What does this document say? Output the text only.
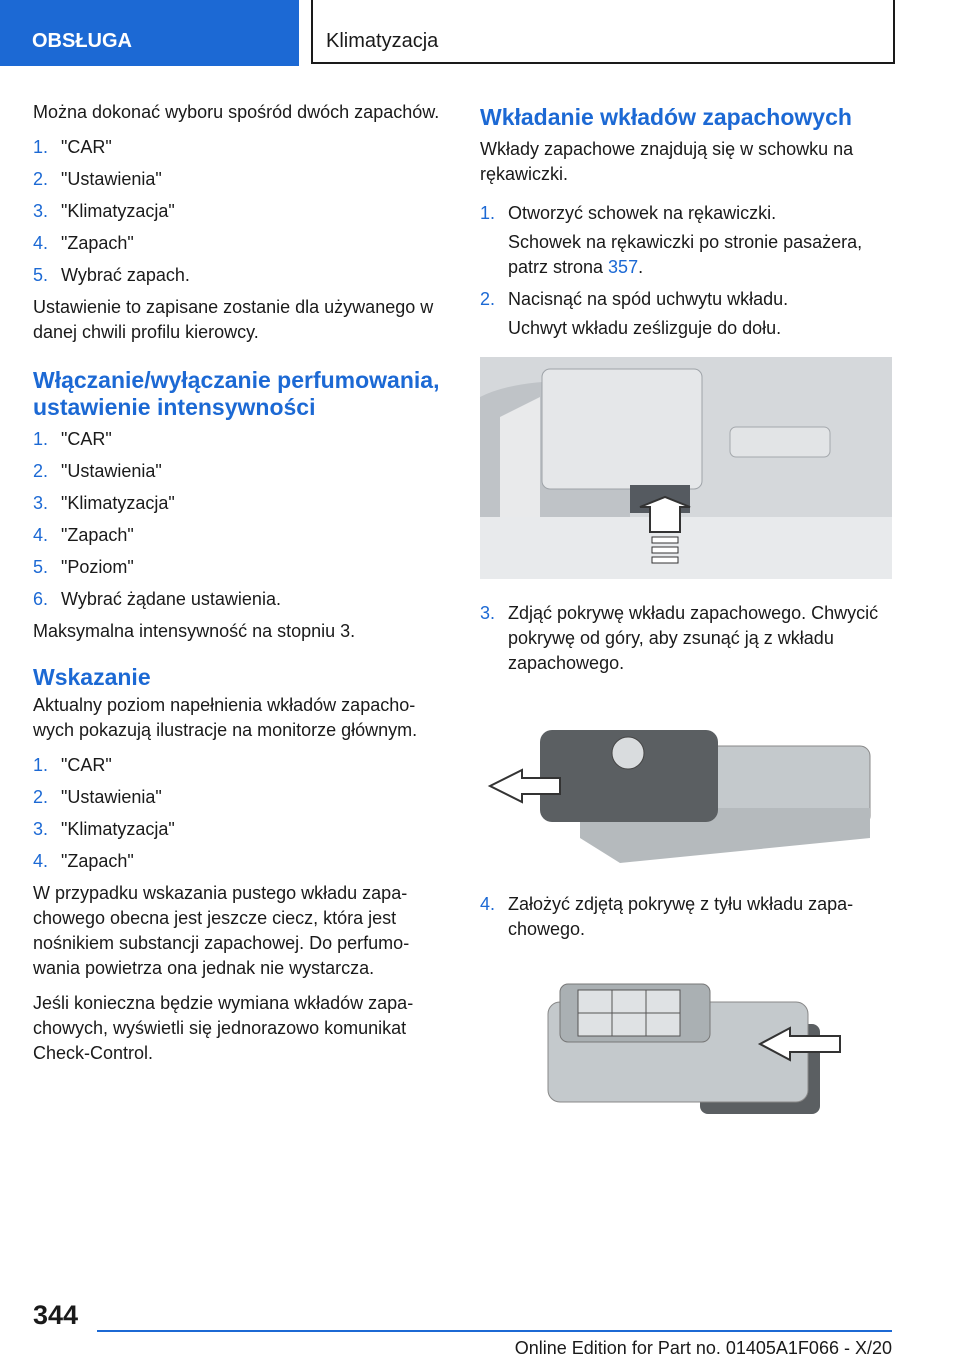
OBSŁUGA	Klimatyzacja

Można dokonać wyboru spośród dwóch zapachów.

1. "CAR"
2. "Ustawienia"
3. "Klimatyzacja"
4. "Zapach"
5. Wybrać zapach.

Ustawienie to zapisane zostanie dla używanego w danej chwili profilu kierowcy.

Włączanie/wyłączanie perfumowania, ustawienie intensywności
1. "CAR"
2. "Ustawienia"
3. "Klimatyzacja"
4. "Zapach"
5. "Poziom"
6. Wybrać żądane ustawienia.

Maksymalna intensywność na stopniu 3.

Wskazanie

Aktualny poziom napełnienia wkładów zapachowych pokazują ilustracje na monitorze głównym.

1. "CAR"
2. "Ustawienia"
3. "Klimatyzacja"
4. "Zapach"

W przypadku wskazania pustego wkładu zapachowego obecna jest jeszcze ciecz, która jest nośnikiem substancji zapachowej. Do perfumowania powietrza ona jednak nie wystarcza.

Jeśli konieczna będzie wymiana wkładów zapachowych, wyświetli się jednorazowo komunikat Check-Control.

Wkładanie wkładów zapachowych

Wkłady zapachowe znajdują się w schowku na rękawiczki.

1. Otworzyć schowek na rękawiczki.
Schowek na rękawiczki po stronie pasażera, patrz strona 357.
2. Nacisnąć na spód uchwytu wkładu.
Uchwyt wkładu ześlizguje do dołu.
3. Zdjąć pokrywę wkładu zapachowego. Chwycić pokrywę od góry, aby zsunąć ją z wkładu zapachowego.
4. Założyć zdjętą pokrywę z tyłu wkładu zapachowego.
344
Online Edition for Part no. 01405A1F066 - X/20
